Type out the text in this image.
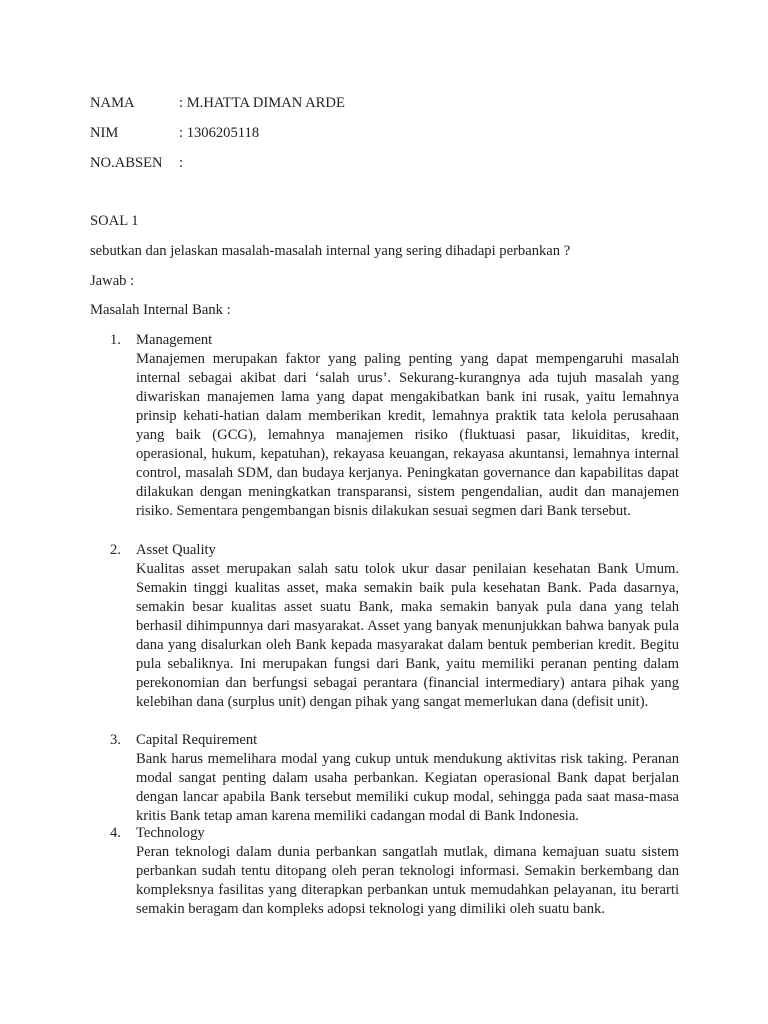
NAMA	: M.HATTA DIMAN ARDE
NIM	: 1306205118
NO.ABSEN :
SOAL 1
sebutkan dan jelaskan masalah-masalah internal yang sering dihadapi perbankan ?
Jawab :
Masalah Internal Bank :
1. Management

Manajemen merupakan faktor yang paling penting yang dapat mempengaruhi masalah internal sebagai akibat dari ‘salah urus’. Sekurang-kurangnya ada tujuh masalah yang diwariskan manajemen lama yang dapat mengakibatkan bank ini rusak, yaitu lemahnya prinsip kehati-hatian dalam memberikan kredit, lemahnya praktik tata kelola perusahaan yang baik (GCG), lemahnya manajemen risiko (fluktuasi pasar, likuiditas, kredit, operasional, hukum, kepatuhan), rekayasa keuangan, rekayasa akuntansi, lemahnya internal control, masalah SDM, dan budaya kerjanya. Peningkatan governance dan kapabilitas dapat dilakukan dengan meningkatkan transparansi, sistem pengendalian, audit dan manajemen risiko. Sementara pengembangan bisnis dilakukan sesuai segmen dari Bank tersebut.

2. Asset Quality

Kualitas asset merupakan salah satu tolok ukur dasar penilaian kesehatan Bank Umum. Semakin tinggi kualitas asset, maka semakin baik pula kesehatan Bank. Pada dasarnya, semakin besar kualitas asset suatu Bank, maka semakin banyak pula dana yang telah berhasil dihimpunnya dari masyarakat. Asset yang banyak menunjukkan bahwa banyak pula dana yang disalurkan oleh Bank kepada masyarakat dalam bentuk pemberian kredit. Begitu pula sebaliknya. Ini merupakan fungsi dari Bank, yaitu memiliki peranan penting dalam perekonomian dan berfungsi sebagai perantara (financial intermediary) antara pihak yang kelebihan dana (surplus unit) dengan pihak yang sangat memerlukan dana (defisit unit).

3. Capital Requirement

Bank harus memelihara modal yang cukup untuk mendukung aktivitas risk taking. Peranan modal sangat penting dalam usaha perbankan. Kegiatan operasional Bank dapat berjalan dengan lancar apabila Bank tersebut memiliki cukup modal, sehingga pada saat masa-masa kritis Bank tetap aman karena memiliki cadangan modal di Bank Indonesia.

4. Technology

Peran teknologi dalam dunia perbankan sangatlah mutlak, dimana kemajuan suatu sistem perbankan sudah tentu ditopang oleh peran teknologi informasi. Semakin berkembang dan kompleksnya fasilitas yang diterapkan perbankan untuk memudahkan pelayanan, itu berarti semakin beragam dan kompleks adopsi teknologi yang dimiliki oleh suatu bank.
